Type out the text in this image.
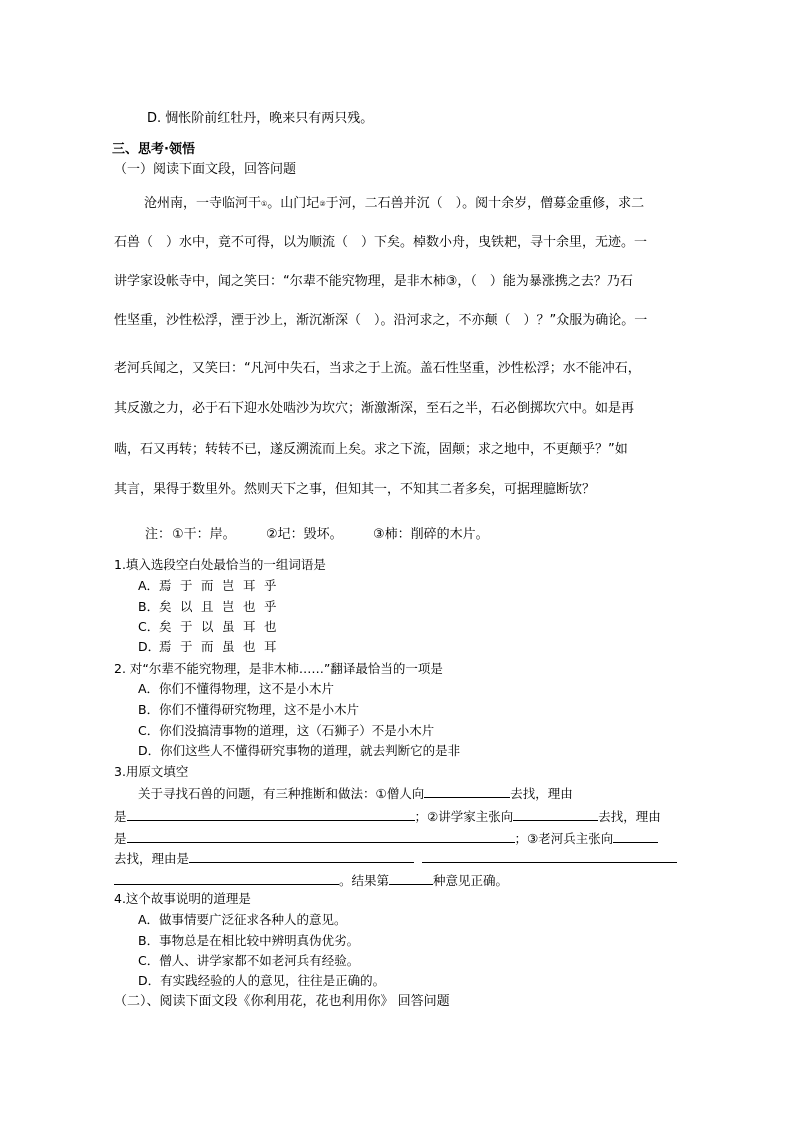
D. 惆怅阶前红牡丹，晚来只有两只残。
三、思考·领悟
（一）阅读下面文段，回答问题
沧州南，一寺临河干①。山门圮②于河，二石兽并沉（　）。阅十余岁，僧募金重修，求二
石兽（　）水中，竟不可得，以为顺流（　）下矣。棹数小舟，曳铁耙，寻十余里，无迹。一
讲学家设帐寺中，闻之笑曰：“尔辈不能究物理，是非木柿③，（　）能为暴涨携之去？乃石
性坚重，沙性松浮，湮于沙上，渐沉渐深（　）。沿河求之，不亦颠（　）？”众服为确论。一
老河兵闻之，又笑曰：“凡河中失石，当求之于上流。盖石性坚重，沙性松浮；水不能冲石，
其反激之力，必于石下迎水处啮沙为坎穴；渐激渐深，至石之半，石必倒掷坎穴中。如是再
啮，石又再转；转转不已，遂反溯流而上矣。求之下流，固颠；求之地中，不更颠乎？”如
其言，果得于数里外。然则天下之事，但知其一，不知其二者多矣，可据理臆断欤？
注： ①干：岸。 ②圮：毁坏。 ③柿：削碎的木片。
1.填入选段空白处最恰当的一组词语是
A．焉 于 而 岂 耳 乎
B．矣 以 且 岂 也 乎
C．矣 于 以 虽 耳 也
D．焉 于 而 虽 也 耳
2. 对“尔辈不能究物理，是非木柿……”翻译最恰当的一项是
A．你们不懂得物理，这不是小木片
B．你们不懂得研究物理，这不是小木片
C．你们没搞清事物的道理，这（石狮子）不是小木片
D．你们这些人不懂得研究事物的道理，就去判断它的是非
3.用原文填空
关于寻找石兽的问题，有三种推断和做法：①僧人向	去找，理由
是	；②讲学家主张向	去找，理由
是	；③老河兵主张向
去找，理由是
。结果第	种意见正确。
4.这个故事说明的道理是
A．做事情要广泛征求各种人的意见。
B．事物总是在相比较中辨明真伪优劣。
C．僧人、讲学家都不如老河兵有经验。
D．有实践经验的人的意见，往往是正确的。
（二）、阅读下面文段《你利用花，花也利用你》 回答问题
